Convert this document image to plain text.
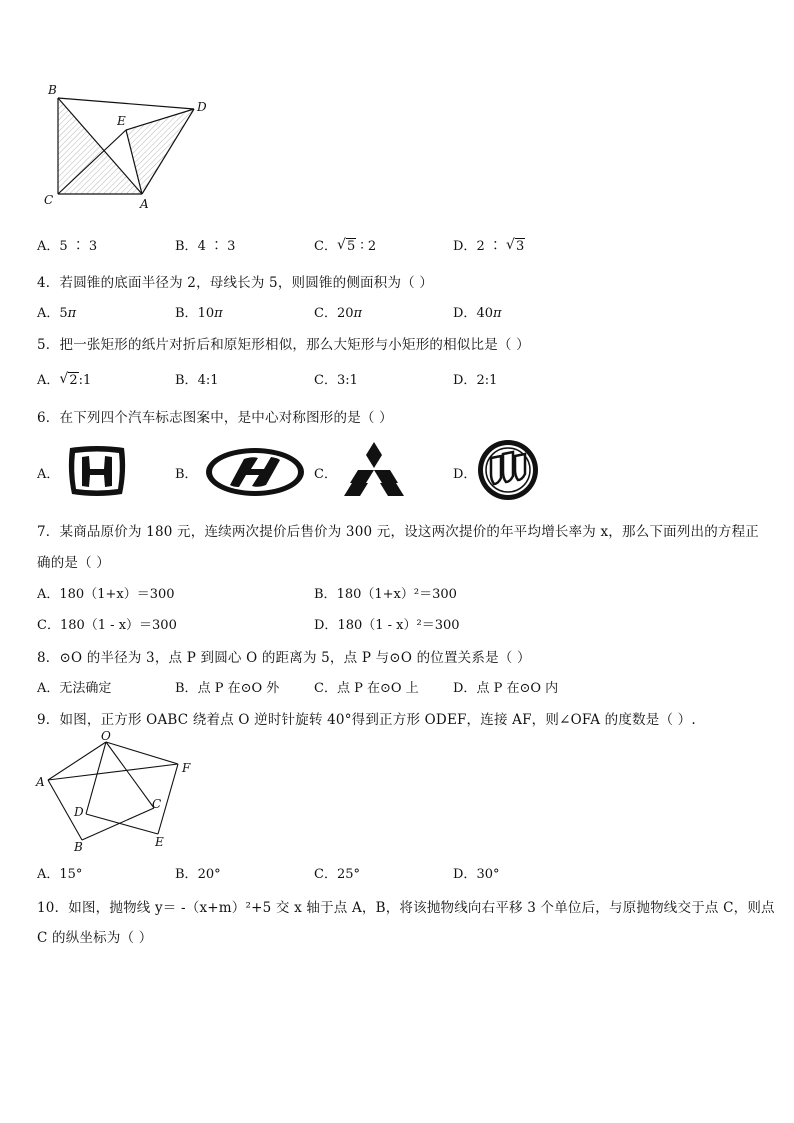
B
D
E
C	A
A．5 ∶ 3	B．4 ∶ 3	C． √ 5 ∶ 2	D．2 ∶ √ 3
4．若圆锥的底面半径为 2，母线长为 5，则圆锥的侧面积为（ ）
A．5π	B．10π	C．20π	D．40π
5．把一张矩形的纸片对折后和原矩形相似，那么大矩形与小矩形的相似比是（ ）
A． √ 2:1	B．4:1	C．3:1	D．2:1
6．在下列四个汽车标志图案中，是中心对称图形的是（ ）
A．	B．	C．	D．
7．某商品原价为 180 元，连续两次提价后售价为 300 元，设这两次提价的年平均增长率为 x，那么下面列出的方程正
确的是（ ）
A．180（1+x）＝300	B．180（1+x）²＝300
C．180（1 - x）＝300	D．180（1 - x）²＝300
8．⊙O 的半径为 3，点 P 到圆心 O 的距离为 5，点 P 与⊙O 的位置关系是（ ）
A．无法确定	B．点 P 在⊙O 外	C．点 P 在⊙O 上	D．点 P 在⊙O 内
9．如图，正方形 OABC 绕着点 O 逆时针旋转 40°得到正方形 ODEF，连接 AF，则∠OFA 的度数是（ ）.
O
A
F
D
C
B	E
A．15°	B．20°	C．25°	D．30°
10．如图，抛物线 y＝ -（x+m）²+5 交 x 轴于点 A，B，将该抛物线向右平移 3 个单位后，与原抛物线交于点 C，则点
C 的纵坐标为（ ）
